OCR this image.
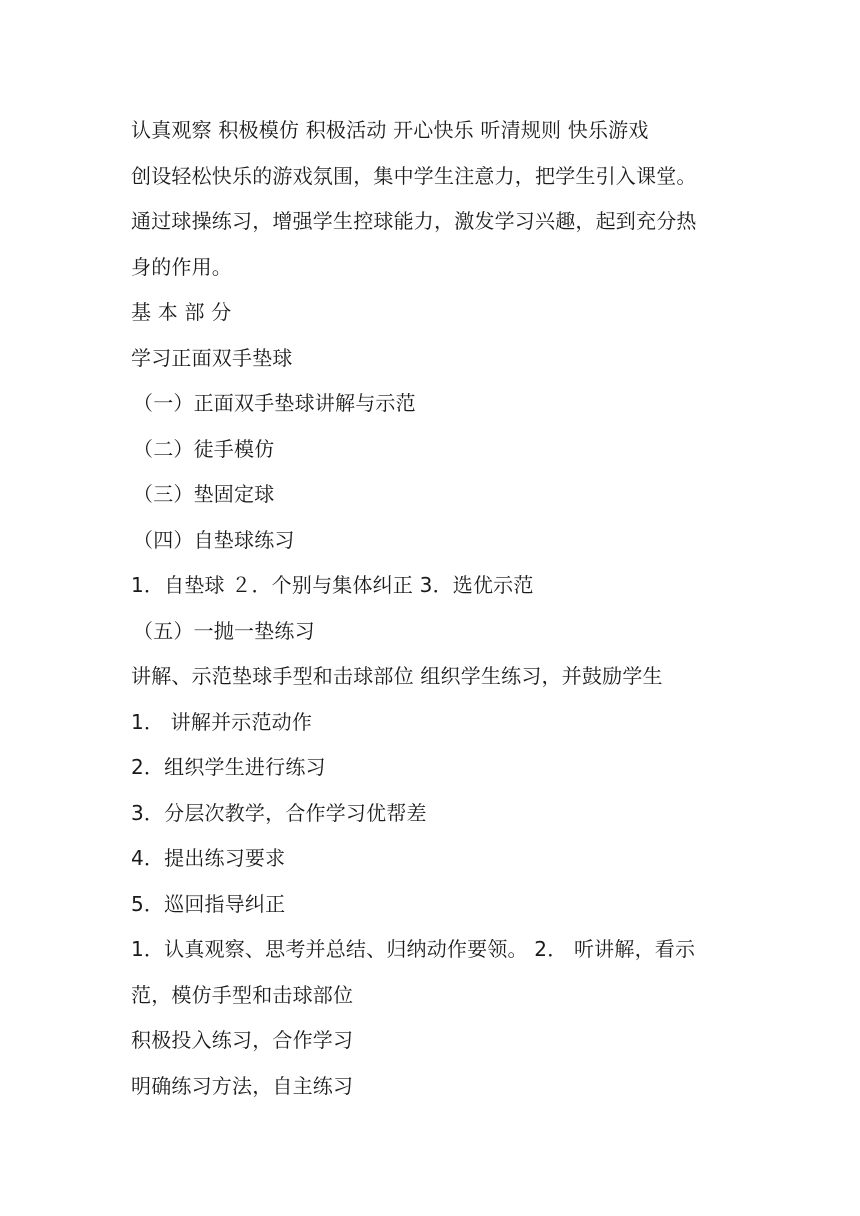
认真观察 积极模仿 积极活动 开心快乐 听清规则 快乐游戏
创设轻松快乐的游戏氛围，集中学生注意力，把学生引入课堂。
通过球操练习，增强学生控球能力，激发学习兴趣，起到充分热
身的作用。
基 本 部 分
学习正面双手垫球
（一）正面双手垫球讲解与示范
（二）徒手模仿
（三）垫固定球
（四）自垫球练习
1．自垫球 ２．个别与集体纠正 3．选优示范
（五）一抛一垫练习
讲解、示范垫球手型和击球部位 组织学生练习，并鼓励学生
1． 讲解并示范动作
2．组织学生进行练习
3．分层次教学，合作学习优帮差
4．提出练习要求
5．巡回指导纠正
1．认真观察、思考并总结、归纳动作要领。 2． 听讲解，看示
范，模仿手型和击球部位
积极投入练习，合作学习
明确练习方法，自主练习
